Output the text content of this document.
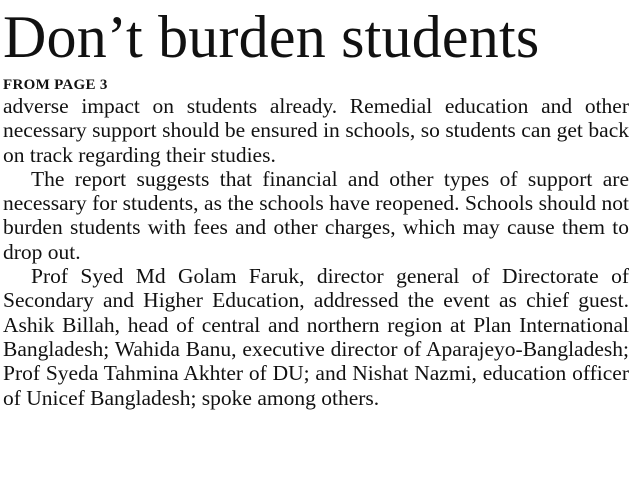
Don’t burden students
FROM PAGE 3

adverse impact on students already. Remedial education and other necessary support should be ensured in schools, so students can get back on track regarding their studies.

The report suggests that financial and other types of support are necessary for students, as the schools have reopened. Schools should not burden students with fees and other charges, which may cause them to drop out.

Prof Syed Md Golam Faruk, director general of Directorate of Secondary and Higher Education, addressed the event as chief guest. Ashik Billah, head of central and northern region at Plan International Bangladesh; Wahida Banu, executive director of Aparajeyo-Bangladesh; Prof Syeda Tahmina Akhter of DU; and Nishat Nazmi, education officer of Unicef Bangladesh; spoke among others.
